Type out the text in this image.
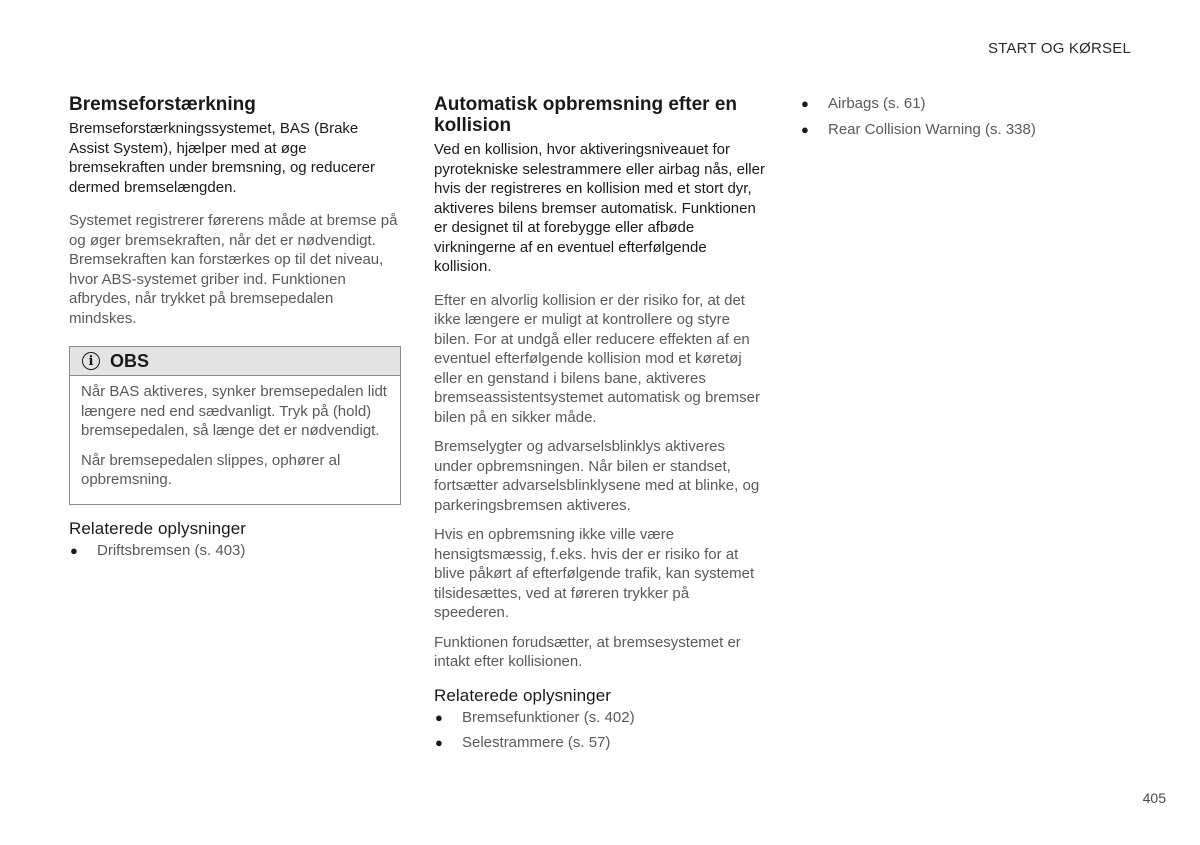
START OG KØRSEL
Bremseforstærkning

Bremseforstærkningssystemet, BAS (Brake Assist System), hjælper med at øge bremsekraften under bremsning, og reducerer dermed bremselængden.

Systemet registrerer førerens måde at bremse på og øger bremsekraften, når det er nødvendigt. Bremsekraften kan forstærkes op til det niveau, hvor ABS-systemet griber ind. Funktionen afbrydes, når trykket på bremsepedalen mindskes.

i OBS

Når BAS aktiveres, synker bremsepedalen lidt længere ned end sædvanligt. Tryk på (hold) bremsepedalen, så længe det er nødvendigt.

Når bremsepedalen slippes, ophører al opbremsning.

Relaterede oplysninger
● Driftsbremsen (s. 403)
Automatisk opbremsning efter en kollision

Ved en kollision, hvor aktiveringsniveauet for pyrotekniske selestrammere eller airbag nås, eller hvis der registreres en kollision med et stort dyr, aktiveres bilens bremser automatisk. Funktionen er designet til at forebygge eller afbøde virkningerne af en eventuel efterfølgende kollision.

Efter en alvorlig kollision er der risiko for, at det ikke længere er muligt at kontrollere og styre bilen. For at undgå eller reducere effekten af en eventuel efterfølgende kollision mod et køretøj eller en genstand i bilens bane, aktiveres bremseassistentsystemet automatisk og bremser bilen på en sikker måde.

Bremselygter og advarselsblinklys aktiveres under opbremsningen. Når bilen er standset, fortsætter advarselsblinklysene med at blinke, og parkeringsbremsen aktiveres.

Hvis en opbremsning ikke ville være hensigtsmæssig, f.eks. hvis der er risiko for at blive påkørt af efterfølgende trafik, kan systemet tilsidesættes, ved at føreren trykker på speederen.

Funktionen forudsætter, at bremsesystemet er intakt efter kollisionen.

Relaterede oplysninger
● Bremsefunktioner (s. 402)
● Selestrammere (s. 57)
● Airbags (s. 61)
● Rear Collision Warning (s. 338)
405
